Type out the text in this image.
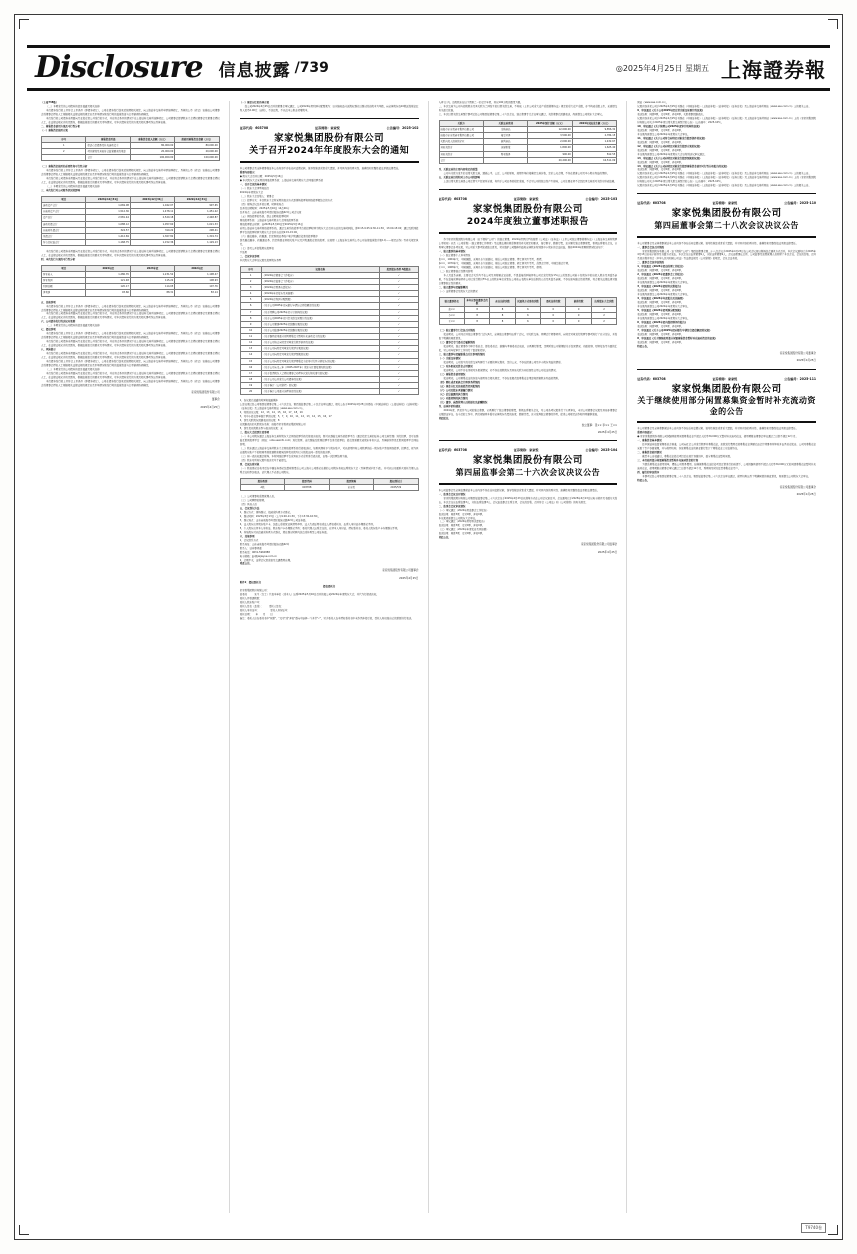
Disclosure 信息披露 /739	◎2025年4月25日 星期五 上海證券報
（上接738版）
（二）本期发行的公司债券的信息披露及相关安排
本次债券发行的上市符合上市条件（即债券转让），公司在债券发行结束后按照相关规定，向上海证券交易所申请挂牌转让，具体的上市（转让）安排由公司董事会或董事会授权人士根据相关法律法规的规定以及市场情况和发行时的监管政策与主承销商协商确定。
本次发行的公司债券采用面向专业投资者公开发行的方式，并在符合条件的情况下在上海证券交易所挂牌转让。公司董事会提请股东大会授权董事会及董事会授权人士，在法律法规允许的范围内，根据监管部门的要求及市场情况，对本次债券发行的方案及相关事项作出具体安排。
二、募集资金使用方案及可行性分析
（一）募集资金使用方案
序号	募集资金用途	募集资金投入金额（万元）	拟使用募集资金金额（万元）
1	偿还有息债务及补充流动资金	80,000.00	80,000.00
2	项目建设及其他符合监管要求的用途	20,000.00	20,000.00
	合计	100,000.00	100,000.00
（二）募集资金使用的必要性和可行性分析
本次债券发行的上市符合上市条件（即债券转让），公司在债券发行结束后按照相关规定，向上海证券交易所申请挂牌转让，具体的上市（转让）安排由公司董事会或董事会授权人士根据相关法律法规的规定以及市场情况和发行时的监管政策与主承销商协商确定。
本次发行的公司债券采用面向专业投资者公开发行的方式，并在符合条件的情况下在上海证券交易所挂牌转让。公司董事会提请股东大会授权董事会及董事会授权人士，在法律法规允许的范围内，根据监管部门的要求及市场情况，对本次债券发行的方案及相关事项作出具体安排。
（二）本期发行的公司债券的信息披露及相关安排
三、本次发行对公司财务状况的影响
项目	2024年12月31日	2023年12月31日	2022年12月31日
流动资产合计	1,069.08	1,042.07	997.65
非流动资产合计	1,512.36	1,478.11	1,451.22
资产总计	2,581.44	2,520.18	2,448.87
流动负债合计	1,088.12	1,057.60	1,021.33
非流动负债合计	324.57	310.22	298.41
负债合计	1,412.69	1,367.82	1,319.74
所有者权益合计	1,168.75	1,152.36	1,129.13
本次发行的公司债券采用面向专业投资者公开发行的方式，并在符合条件的情况下在上海证券交易所挂牌转让。公司董事会提请股东大会授权董事会及董事会授权人士，在法律法规允许的范围内，根据监管部门的要求及市场情况，对本次债券发行的方案及相关事项作出具体安排。
四、本次发行方案的可行性分析
项目	2024年度	2023年度	2022年度
营业收入	1,286.35	1,231.52	1,198.47
营业利润	121.48	115.22	108.93
利润总额	120.17	114.05	107.76
净利润	93.66	88.31	83.14
五、其他事项
本次债券发行的上市符合上市条件（即债券转让），公司在债券发行结束后按照相关规定，向上海证券交易所申请挂牌转让，具体的上市（转让）安排由公司董事会或董事会授权人士根据相关法律法规的规定以及市场情况和发行时的监管政策与主承销商协商确定。
本次发行的公司债券采用面向专业投资者公开发行的方式，并在符合条件的情况下在上海证券交易所挂牌转让。公司董事会提请股东大会授权董事会及董事会授权人士，在法律法规允许的范围内，根据监管部门的要求及市场情况，对本次债券发行的方案及相关事项作出具体安排。
六、公司债券发行的决议有效期
（二）本期发行的公司债券的信息披露及相关安排
七、授权事项
本次债券发行的上市符合上市条件（即债券转让），公司在债券发行结束后按照相关规定，向上海证券交易所申请挂牌转让，具体的上市（转让）安排由公司董事会或董事会授权人士根据相关法律法规的规定以及市场情况和发行时的监管政策与主承销商协商确定。
本次发行的公司债券采用面向专业投资者公开发行的方式，并在符合条件的情况下在上海证券交易所挂牌转让。公司董事会提请股东大会授权董事会及董事会授权人士，在法律法规允许的范围内，根据监管部门的要求及市场情况，对本次债券发行的方案及相关事项作出具体安排。
八、风险提示
本次发行的公司债券采用面向专业投资者公开发行的方式，并在符合条件的情况下在上海证券交易所挂牌转让。公司董事会提请股东大会授权董事会及董事会授权人士，在法律法规允许的范围内，根据监管部门的要求及市场情况，对本次债券发行的方案及相关事项作出具体安排。
本次债券发行的上市符合上市条件（即债券转让），公司在债券发行结束后按照相关规定，向上海证券交易所申请挂牌转让，具体的上市（转让）安排由公司董事会或董事会授权人士根据相关法律法规的规定以及市场情况和发行时的监管政策与主承销商协商确定。
（二）本期发行的公司债券的信息披露及相关安排
本次发行的公司债券采用面向专业投资者公开发行的方式，并在符合条件的情况下在上海证券交易所挂牌转让。公司董事会提请股东大会授权董事会及董事会授权人士，在法律法规允许的范围内，根据监管部门的要求及市场情况，对本次债券发行的方案及相关事项作出具体安排。
本次债券发行的上市符合上市条件（即债券转让），公司在债券发行结束后按照相关规定，向上海证券交易所申请挂牌转让，具体的上市（转让）安排由公司董事会或董事会授权人士根据相关法律法规的规定以及市场情况和发行时的监管政策与主承销商协商确定。
家家悦集团股份有限公司
董事会
2025年4月25日
（一）现金分红的具体方案
经公司2024年4月25日召开的董事会审议通过，公司2024年度利润分配预案为：以实施权益分派股权登记日登记的总股本为基数，向全体股东每10股派发现金红利人民币2.00元（含税），不送红股，不以资本公积金转增股本。
证券代码：603708	证券简称：家家悦	公告编号：2025-102
家家悦集团股份有限公司
关于召开2024年年度股东大会的通知
本公司董事会及全体董事保证本公告内容不存在任何虚假记载、误导性陈述或者重大遗漏，并对其内容的真实性、准确性和完整性依法承担法律责任。
重要内容提示：
● 股东大会召开日期：2025年5月16日
● 本次股东大会采用的网络投票系统：上海证券交易所股东大会网络投票系统
一、召开会议的基本情况
（一）股东大会类型和届次
2024年年度股东大会
（二）股东大会召集人：董事会
（三）投票方式：本次股东大会所采用的表决方式是现场投票和网络投票相结合的方式
（四）现场会议召开的日期、时间和地点
召开的日期时间：2025年5月16日 14点00分
召开地点：山东省威海市环翠区海滨北路62号公司会议室
（五）网络投票的系统、起止日期和投票时间
网络投票系统：上海证券交易所股东大会网络投票系统
网络投票起止时间：自2025年5月16日至2025年5月16日
采用上海证券交易所网络投票系统，通过交易系统投票平台的投票时间为股东大会召开当日的交易时间段，即9:15-9:25,9:30-11:30，13:00-15:00；通过互联网投票平台的投票时间为股东大会召开当日的9:15-15:00。
（六）融资融券、转融通、约定购回业务账户和沪股通投资者的投票程序
涉及融资融券、转融通业务、约定购回业务相关账户以及沪股通投资者的投票，应按照《上海证券交易所上市公司自律监管指引第1号——规范运作》等有关规定执行。
（七）涉及公开征集股东投票权
不适用
二、会议审议事项
本次股东大会审议议案及投票股东类型
序号	议案名称	投票股东类型 A股股东
1	《2024年度董事会工作报告》	√
2	《2024年度监事会工作报告》	√
3	《2024年度财务决算报告》	√
4	《2024年年度报告及其摘要》	√
5	《2024年度利润分配预案》	√
6	《关于公司2025年度向银行申请综合授信额度的议案》	√
7	《关于续聘公司2025年度审计机构的议案》	√
8	《关于公司2025年度日常关联交易预计的议案》	√
9	《关于公司董事2025年度薪酬方案的议案》	√
10	《关于公司监事2025年度薪酬方案的议案》	√
11	《关于继续使用部分闲置募集资金暂时补充流动资金的议案》	√
12	《关于公司符合向特定对象发行股票条件的议案》	√
13	《关于公司向特定对象发行股票方案的议案》	√
14	《关于公司向特定对象发行股票预案的议案》	√
15	《关于公司向特定对象发行股票募集资金使用可行性分析报告的议案》	√
16	《关于公司未来三年（2025-2027年）股东分红回报规划的议案》	√
17	《关于提请股东大会授权董事会办理本次发行相关事宜的议案》	√
18	《关于公司公开发行公司债券的议案》	√
19	《关于修订〈公司章程〉的议案》	√
20	《关于修订公司部分治理制度的议案》	√
1、各议案已披露的时间和披露媒体
上述议案已经公司第四届董事会第二十六次会议、第四届监事会第二十次会议审议通过，相关公告于2025年4月25日刊登在《中国证券报》《上海证券报》《证券时报》《证券日报》及上海证券交易所网站（www.sse.com.cn）。
2、特别决议议案：12、13、14、15、16、17、18、19
3、对中小投资者单独计票的议案：5、7、9、10、11、12、13、14、15、16、17
4、涉及关联股东回避表决的议案：8
应回避表决的关联股东名称：威海市家家悦商业集团有限公司
5、涉及优先股股东参与表决的议案：无
三、股东大会投票注意事项
（一）本公司股东通过上海证券交易所股东大会网络投票系统行使表决权的，既可以登陆交易系统投票平台（通过指定交易的证券公司交易终端）进行投票，也可以登陆互联网投票平台（网址：vote.sseinfo.com）进行投票。首次登陆互联网投票平台进行投票的，投资者需要完成股东身份认证。具体操作请见互联网投票平台网站说明。
（二）股东通过上海证券交易所股东大会网络投票系统行使表决权，如果其拥有多个股东账户，可以使用持有公司股票的任一股东账户参加网络投票。投票后，视为其全部股东账户下的相同类别普通股和相同品种优先股均已分别投出同一意见的表决票。
（三）同一表决权通过现场、本所网络投票平台或其他方式重复进行表决的，以第一次投票结果为准。
（四）股东对所有议案均表决完毕才能提交。
四、会议出席对象
（一）股权登记日收市后在中国证券登记结算有限责任公司上海分公司登记在册的公司股东有权出席股东大会（具体情况详见下表），并可以以书面形式委托代理人出席会议和参加表决。该代理人不必是公司股东。
股份类别	股票代码	股票简称	股权登记日
A股	603708	家家悦	2025/5/9
（二）公司董事和高级管理人员。
（三）公司聘请的律师。
（四）其他人员
五、会议登记方法
1、登记方式：现场登记、信函或传真方式登记。
2、登记时间：2025年5月13日（上午9:00-11:30，下午13:30-16:30）。
3、登记地点：山东省威海市环翠区海滨北路62号公司证券部。
4、法人股东应持股东账户卡、加盖公章的营业执照复印件、法人代表证明书或法人授权委托书、出席人身份证办理登记手续。
5、个人股东应持本人身份证、股东账户卡办理登记手续；委托代理人出席会议的，应持本人身份证、授权委托书、委托人股东账户卡办理登记手续。
6、异地股东可以信函或传真方式登记，须在登记时间内送达或传真至公司证券部。
六、其他事项
1、会议联系方式
联系地址：山东省威海市环翠区海滨北路62号
联系人：证券事务部
联系电话：0631-5962888
电子邮箱：jjy@jiajiayue.com.cn
2、会期半天，出席会议者食宿及交通费用自理。
特此公告。
家家悦集团股份有限公司董事会
2025年4月25日
附件1：授权委托书
授权委托书
家家悦集团股份有限公司：
兹委托　　　先生（女士）代表本单位（或本人）出席2025年5月16日召开的贵公司2024年年度股东大会，并代为行使表决权。
委托人持普通股数：
委托人股东账户号：
委托人签名（盖章）：　　　受托人签名：
委托人身份证号：　　　　　受托人身份证号：
委托日期：　　年　　月　　日
备注：委托人应在委托书中"同意"、"反对"或"弃权"意向中选择一个并打"√"，对于委托人在本授权委托书中未作具体指示的，受托人有权按自己的意愿进行表决。
入库 日 内。该股股东在以下情形之一的会计年度，其以100万股的数量为限。
二、本次交易为公司与控股股东及其关联方之间发生的日常关联交易，不构成《上市公司重大资产重组管理办法》规定的重大资产重组，亦不构成重组上市，无需提交有关部门批准。
三、本次日常关联交易预计事项已经公司第四届董事会第二十六次会议、独立董事专门会议审议通过，关联董事已回避表决，尚需提交公司股东大会审议。
关联方	关联交易类别	2025年预计金额（万元）	2024年实际发生额（万元）
威海市家家悦商业集团有限公司	采购商品	12,000.00	9,856.32
威海市家家悦商业集团有限公司	接受劳务	3,500.00	2,784.15
关联自然人控制的企业	销售商品	2,000.00	1,432.67
其他关联方	房屋租赁	1,800.00	1,625.40
其他关联方	物业服务	900.00	812.55
合计		20,200.00	16,511.09
四、关联交易的主要内容和定价政策
公司与关联方发生的日常关联交易，遵循公平、公正、公开的原则，按照市场价格确定交易价格，定价公允合理，不存在损害公司及中小股东利益的情形。
五、关联交易目的和对上市公司的影响
上述日常关联交易是公司正常生产经营所必需，有利于公司业务的稳定发展，不会对公司的独立性产生影响，公司主要业务不会因此类交易而对关联方形成依赖。
证券代码：603708	证券简称：家家悦	公告编号：2025-103
家家悦集团股份有限公司
2024年度独立董事述职报告
作为家家悦集团股份有限公司（以下简称"公司"）的独立董事，2024年度我们严格按照《公司法》《证券法》《上市公司独立董事管理办法》《上海证券交易所股票上市规则》以及《公司章程》《独立董事工作制度》等法律法规和规章制度的有关规定和要求，恪尽职守、勤勉尽责，忠实履行独立董事职责，积极出席相关会议，认真审议董事会各项议案，对公司重大事项发表独立意见，切实维护公司整体利益和全体股东特别是中小股东的合法权益。现将2024年度履职情况报告如下：
一、独立董事的基本情况
（一）独立董事个人基本情况
张××，1964年生，中国国籍，无境外永久居留权，现任公司独立董事，博士研究生学历，教授。
李××，1970年生，中国国籍，无境外永久居留权，现任公司独立董事，硕士研究生学历，高级会计师，中国注册会计师。
王××，1968年生，中国国籍，无境外永久居留权，现任公司独立董事，博士研究生学历，律师。
（二）独立董事独立性情况说明
本人及直系亲属、主要社会关系均不在公司及其附属企业任职，不是直接或间接持有公司已发行股份1%以上或者是公司前十名股东中的自然人股东及其直系亲属，不在直接或间接持有公司已发行股份5%以上的股东单位或者在公司前五名股东单位任职的人员及其直系亲属，不存在影响独立性的情形，符合相关法律法规对独立董事独立性的要求。
二、独立董事年度履职概况
（一）出席董事会及股东大会的情况
独立董事姓名	本年应参加董事会次数	亲自出席次数	以通讯方式参加次数	委托出席次数	缺席次数	出席股东大会次数
张××	8	8	6	0	0	2
李××	8	8	6	0	0	2
王××	8	8	6	0	0	2
（二）独立董事专门会议召开情况
报告期内，公司共召开独立董事专门会议4次，全体独立董事均出席了会议，对关联交易、续聘会计师事务所、向特定对象发行股票等事项进行了充分讨论，并发表了明确的同意意见。
（三）董事会专门委员会履职情况
报告期内，独立董事作为审计委员会、提名委员会、薪酬与考核委员会成员，认真履行职责，定期听取公司管理层关于经营情况、内部控制、财务报告等方面的汇报，对公司年报审计工作进行了督促和指导。
三、独立董事年度履职重点关注事项的情况
（一）关联交易情况
报告期内，公司发生的关联交易均履行了必要的审议程序，定价公允，不存在损害公司及中小股东利益的情形。
（二）对外担保及资金占用情况
报告期内，公司不存在违规对外担保情况，亦不存在控股股东及其他关联方非经营性占用公司资金的情况。
（三）募集资金使用情况
报告期内，公司募集资金的存放与使用符合相关规定，不存在变相改变募集资金用途和损害股东利益的情形。
（四）聘任或者更换会计师事务所情况
（五）现金分红及其他投资者回报情况
（六）公司及股东承诺履行情况
（七）信息披露的执行情况
（八）内部控制的执行情况
（九）董事、高级管理人员的提名及薪酬情况
四、总体评价和建议
2024年度，我们作为公司的独立董事，认真履行了独立董事的职责，积极出席相关会议，对公司各项议案进行了认真审议，未对公司董事会议案及其他非董事会议案提出异议。在今后的工作中，我们将继续本着对全体股东负责的态度，勤勉尽责，充分发挥独立董事的作用，促进公司规范运作和持续健康发展。
特此报告。
独立董事：张×× 李×× 王××
2025年4月25日
证券代码：603708	证券简称：家家悦	公告编号：2025-104
家家悦集团股份有限公司
第四届监事会第二十六次会议决议公告
本公司监事会及全体监事保证本公告内容不存在任何虚假记载、误导性陈述或者重大遗漏，并对其内容的真实性、准确性和完整性依法承担法律责任。
一、监事会会议召开情况
家家悦集团股份有限公司第四届监事会第二十六次会议于2025年4月23日以现场方式在公司会议室召开。会议通知已于2025年4月13日以电子邮件及书面方式发出。本次会议应出席监事3人，实际出席监事3人。会议由监事会主席主持，会议的召集、召开符合《公司法》和《公司章程》的有关规定。
二、监事会会议审议情况
（一）审议通过《2024年度监事会工作报告》
表决结果：同意3票，反对0票，弃权0票。
本议案尚需提交公司股东大会审议。
（二）审议通过《2024年度财务决算报告》
表决结果：同意3票，反对0票，弃权0票。
（三）审议通过《2024年年度报告及其摘要》
表决结果：同意3票，反对0票，弃权0票。
特此公告。
家家悦集团股份有限公司监事会
2025年4月25日
网站（www.sse.com.cn）。
议案内容详见公司于2025年4月25日刊登在《中国证券报》《上海证券报》《证券时报》《证券日报》及上海证券交易所网站（www.sse.com.cn）上的相关公告。
9、审议通过《关于公司2025年度日常关联交易预计的议案》
表决结果：同意6票，反对0票，弃权0票。关联董事回避表决。
议案内容详见公司于2025年4月25日刊登在《中国证券报》《上海证券报》《证券时报》《证券日报》及上海证券交易所网站（www.sse.com.cn）上的《家家悦集团股份有限公司关于2025年度日常关联交易预计的公告》（公告编号：2025-105）。
10、审议通过《关于续聘公司2025年度审计机构的议案》
表决结果：同意9票，反对0票，弃权0票。
本议案尚需提交公司2024年年度股东大会审议。
11、审议通过《关于公司符合向特定对象发行股票条件的议案》
表决结果：同意9票，反对0票，弃权0票。
12、审议通过《关于公司向特定对象发行股票方案的议案》
表决结果：同意9票，反对0票，弃权0票。
本议案尚需提交公司2024年年度股东大会以特别决议审议通过。
13、审议通过《关于公司向特定对象发行股票预案的议案》
表决结果：同意9票，反对0票，弃权0票。
14、审议通过《关于公司向特定对象发行股票募集资金使用可行性分析报告的议案》
表决结果：同意9票，反对0票，弃权0票。
议案内容详见公司于2025年4月25日刊登在《中国证券报》《上海证券报》《证券时报》《证券日报》及上海证券交易所网站（www.sse.com.cn）上的相关公告。
议案内容详见公司于2025年4月25日刊登在《中国证券报》《上海证券报》《证券时报》《证券日报》及上海证券交易所网站（www.sse.com.cn）上的《家家悦集团股份有限公司关于2025年度日常关联交易预计的公告》（公告编号：2025-105）。
议案内容详见公司于2025年4月25日刊登在《中国证券报》《上海证券报》《证券时报》《证券日报》及上海证券交易所网站（www.sse.com.cn）上的相关公告。
证券代码：603708	证券简称：家家悦	公告编号：2025-110
家家悦集团股份有限公司
第四届董事会第二十八次会议决议公告
本公司董事会及全体董事保证本公告内容不存在任何虚假记载、误导性陈述或者重大遗漏，并对其内容的真实性、准确性和完整性依法承担法律责任。
一、董事会会议召开情况
家家悦集团股份有限公司（以下简称"公司"）第四届董事会第二十八次会议于2025年4月23日在公司会议室以现场结合通讯方式召开。本次会议通知已于2025年4月13日以电子邮件及书面方式发出。本次会议应出席董事9人，实际出席董事9人。会议由董事长主持，公司监事及高级管理人员列席了本次会议。会议的召集、召开及表决程序符合《中华人民共和国公司法》等法律法规及《公司章程》的规定，会议合法有效。
二、董事会会议审议情况
1、审议通过《2024年度总经理工作报告》
表决结果：同意9票，反对0票，弃权0票。
2、审议通过《2024年度董事会工作报告》
表决结果：同意9票，反对0票，弃权0票。
本议案尚需提交公司2024年年度股东大会审议。
3、审议通过《2024年度财务决算报告》
表决结果：同意9票，反对0票，弃权0票。
本议案尚需提交公司2024年年度股东大会审议。
4、审议通过《2024年年度报告及其摘要》
表决结果：同意9票，反对0票，弃权0票。
本议案尚需提交公司2024年年度股东大会审议。
5、审议通过《2024年度利润分配预案》
表决结果：同意9票，反对0票，弃权0票。
本议案尚需提交公司2024年年度股东大会审议。
6、审议通过《2024年度内部控制评价报告》
表决结果：同意9票，反对0票，弃权0票。
7、审议通过《关于公司2025年度向银行申请综合授信额度的议案》
表决结果：同意9票，反对0票，弃权0票。
8、审议通过《关于继续使用部分闲置募集资金暂时补充流动资金的议案》
表决结果：同意9票，反对0票，弃权0票。
特此公告。
家家悦集团股份有限公司董事会
2025年4月25日
证券代码：603708	证券简称：家家悦	公告编号：2025-111
家家悦集团股份有限公司
关于继续使用部分闲置募集资金暂时补充流动资金的公告
本公司董事会及全体董事保证本公告内容不存在任何虚假记载、误导性陈述或者重大遗漏，并对其内容的真实性、准确性和完整性依法承担法律责任。
重要内容提示：
● 家家悦集团股份有限公司拟继续使用闲置募集资金不超过人民币30,000万元暂时补充流动资金，使用期限自董事会审议通过之日起不超过12个月。
一、募集资金基本情况
经中国证券监督管理委员会核准，公司向社会公开发行股票并募集资金，扣除发行费用后的募集资金净额已由会计师事务所审验并出具验资报告。公司对募集资金采取了专户存储管理，并与保荐机构、存放募集资金的商业银行签订了募集资金三方监管协议。
二、募集资金使用情况
截至本公告披露日，募集资金投资项目正在按计划推进中，部分募集资金暂时闲置。
三、本次使用部分闲置募集资金暂时补充流动资金的计划
为提高募集资金使用效率，降低公司财务费用，在确保募集资金投资项目正常进行的前提下，公司拟继续使用不超过人民币30,000万元的闲置募集资金暂时补充流动资金，使用期限自董事会审议通过之日起不超过12个月，到期将及时归还至募集资金专户。
四、履行的审议程序
本事项已经公司第四届董事会第二十八次会议、第四届监事会第二十六次会议审议通过，保荐机构出具了明确同意的核查意见，尚需提交公司股东大会审议。
特此公告。
家家悦集团股份有限公司董事会
2025年4月25日
T9740卷
